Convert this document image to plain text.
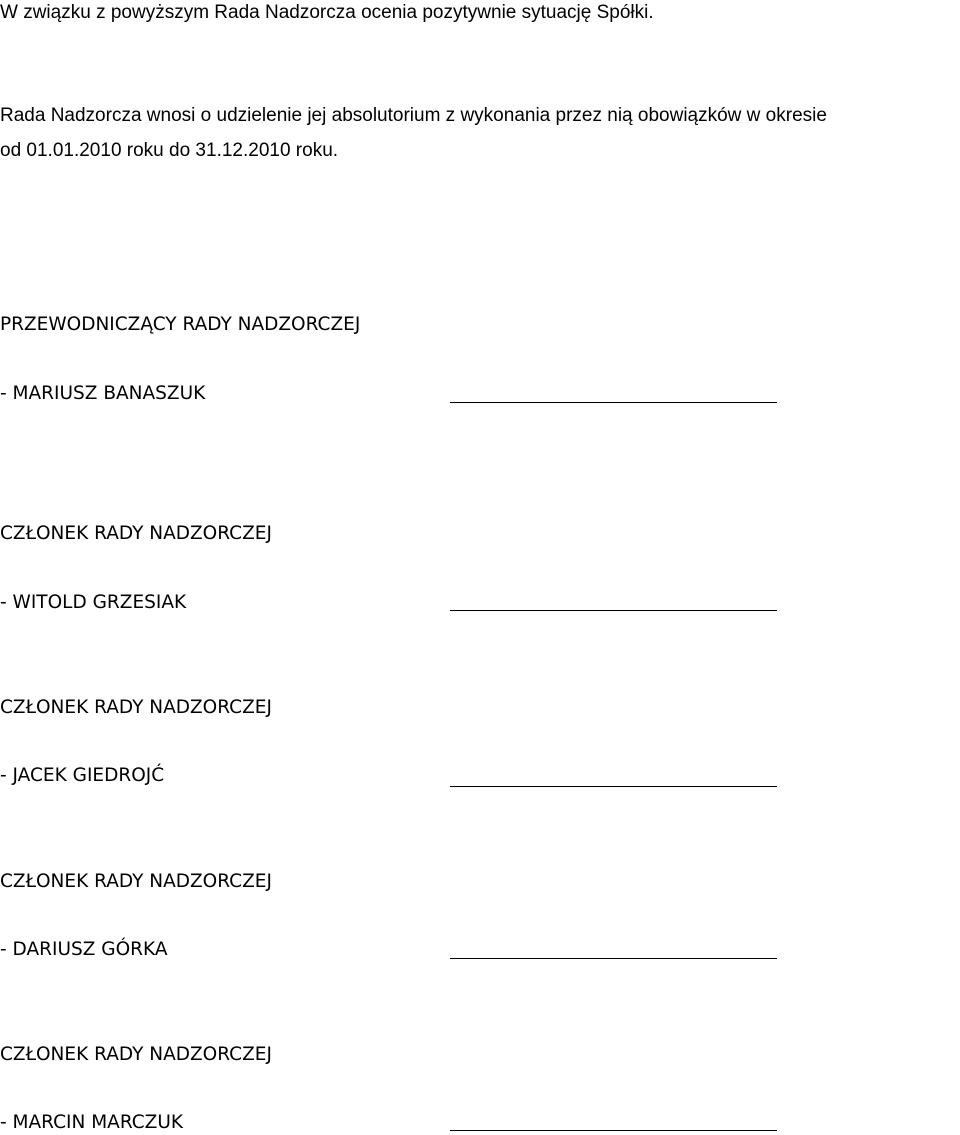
W związku z powyższym Rada Nadzorcza ocenia pozytywnie sytuację Spółki.

Rada Nadzorcza wnosi o udzielenie jej absolutorium z wykonania przez nią obowiązków w okresie

od 01.01.2010 roku do 31.12.2010 roku.

PRZEWODNICZĄCY RADY NADZORCZEJ

- MARIUSZ BANASZUK

CZŁONEK RADY NADZORCZEJ

- WITOLD GRZESIAK

CZŁONEK RADY NADZORCZEJ

- JACEK GIEDROJĆ

CZŁONEK RADY NADZORCZEJ

- DARIUSZ GÓRKA

CZŁONEK RADY NADZORCZEJ

- MARCIN MARCZUK
